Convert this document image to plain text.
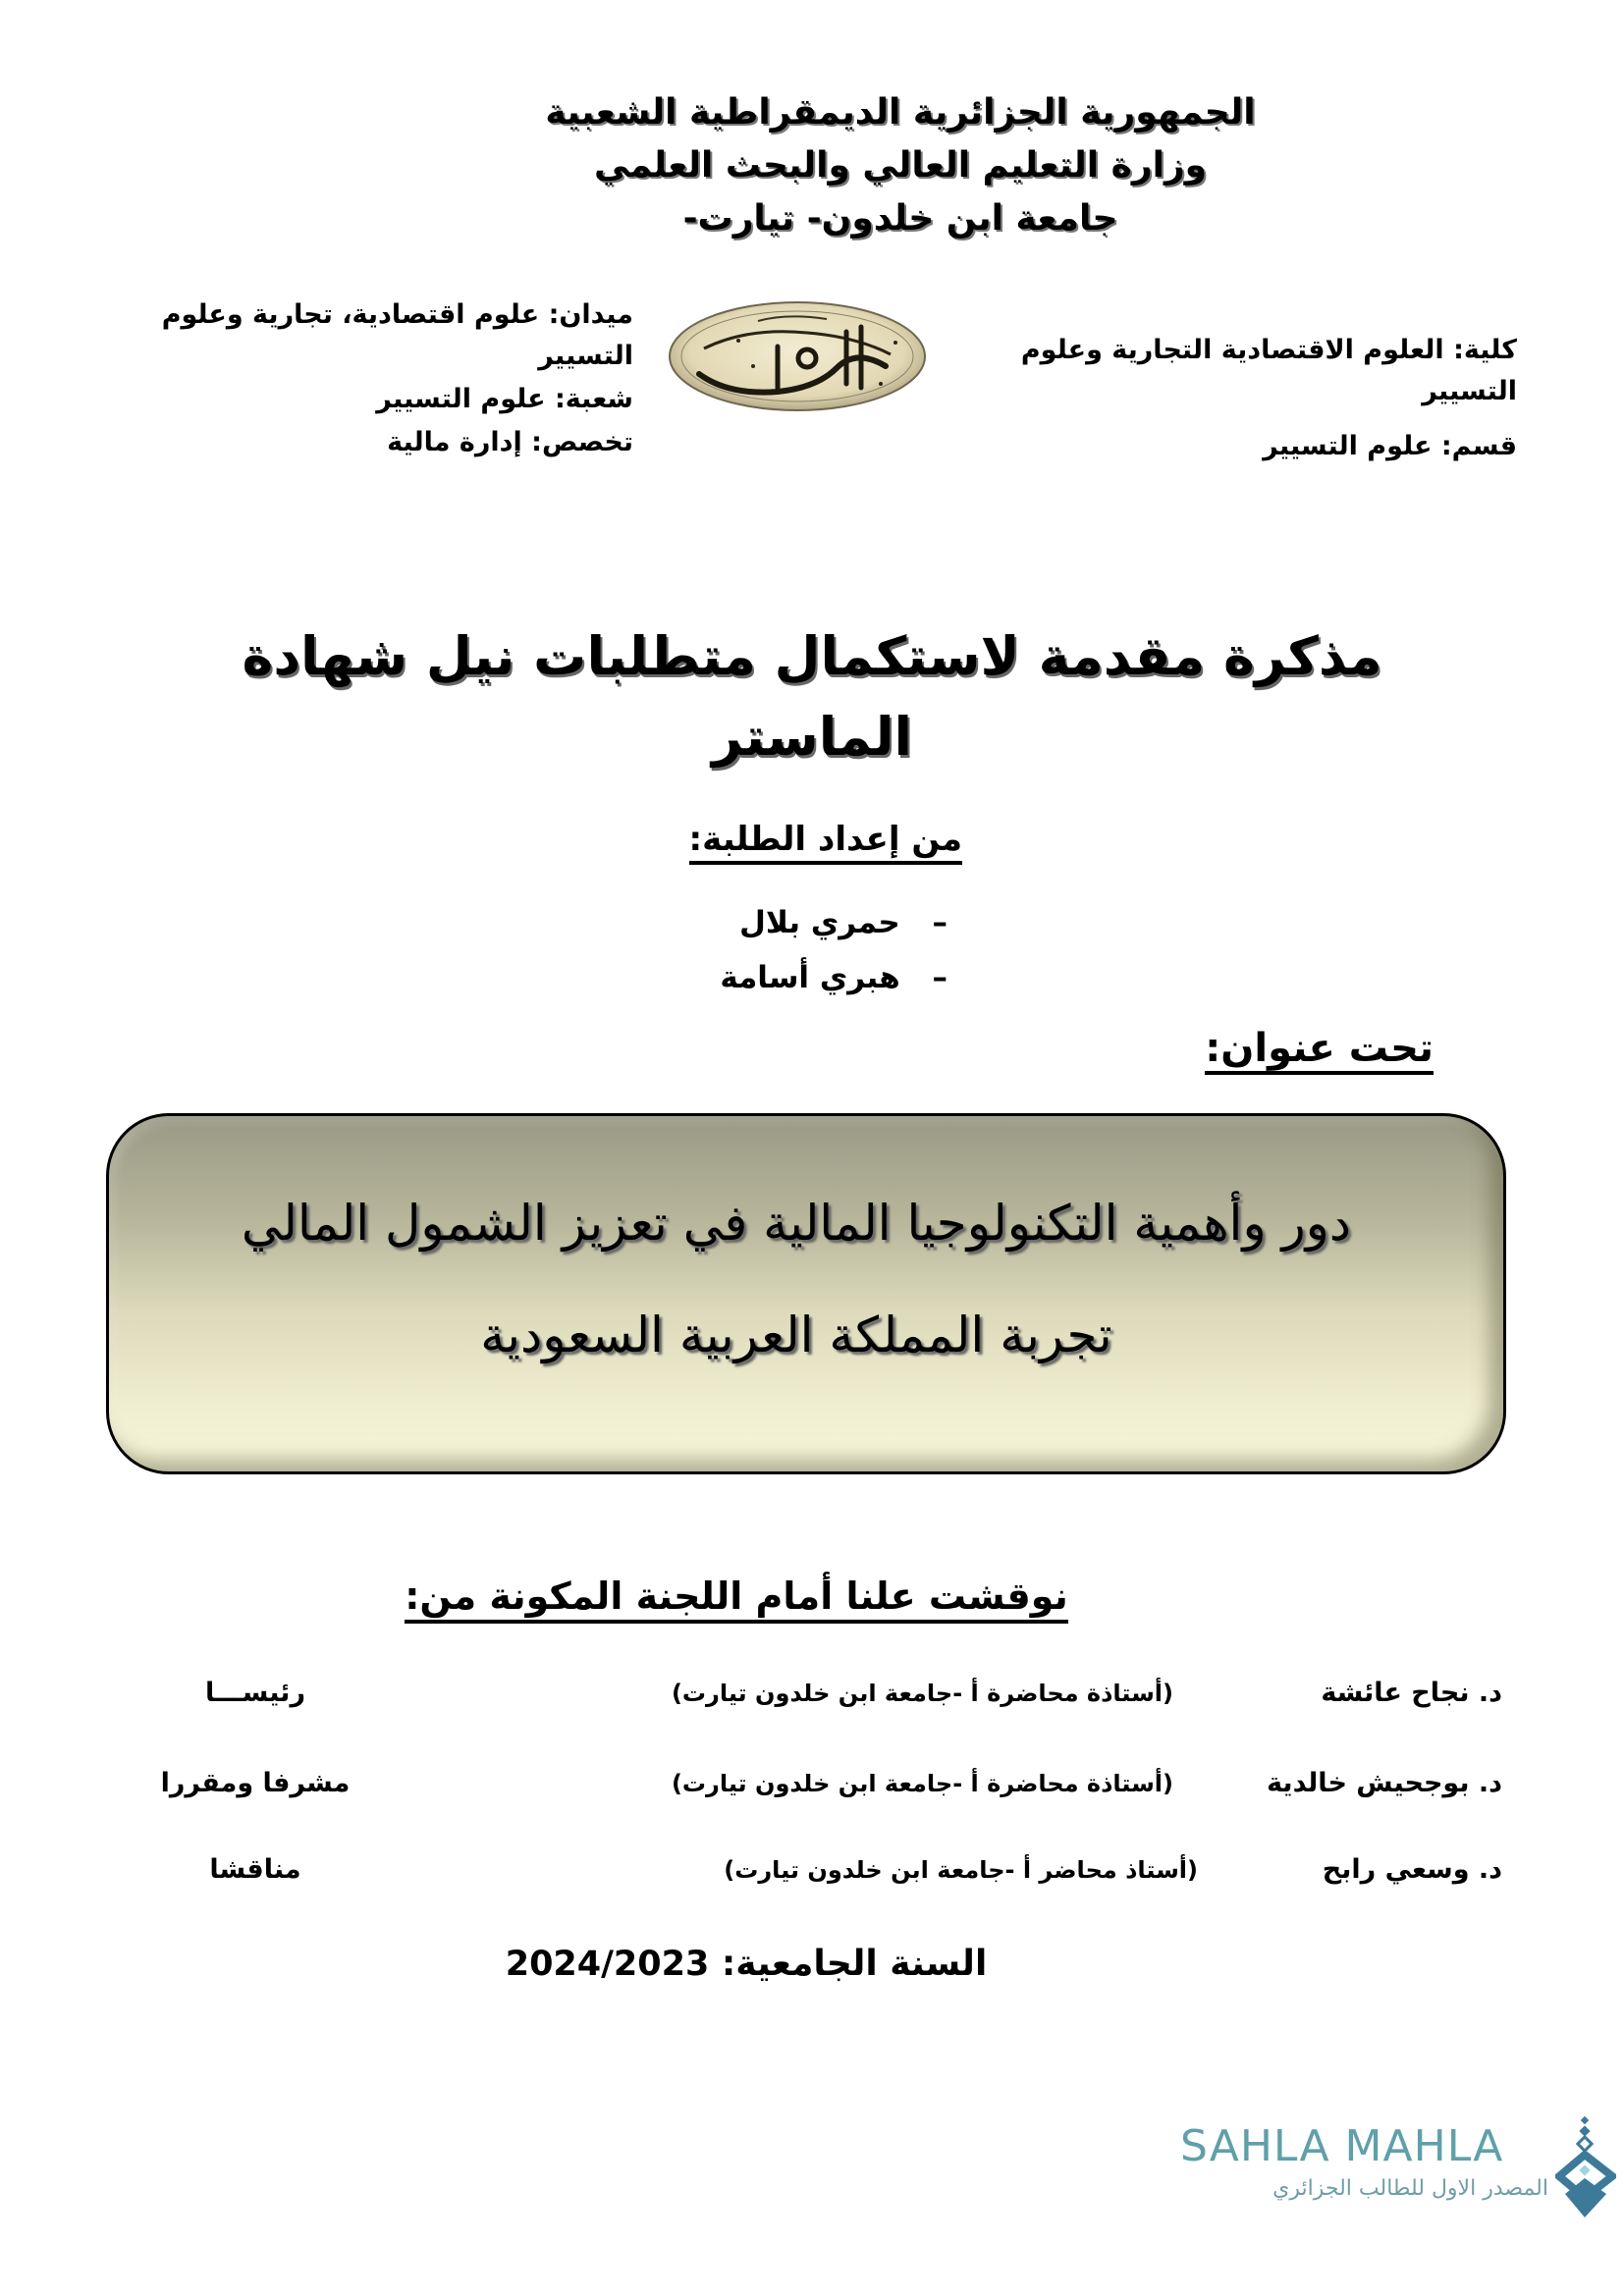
الجمهورية الجزائرية الديمقراطية الشعبية
وزارة التعليم العالي والبحث العلمي
جامعة ابن خلدون- تيارت-
كلية: العلوم الاقتصادية التجارية وعلوم التسيير
قسم: علوم التسيير
ميدان: علوم اقتصادية، تجارية وعلوم التسيير
شعبة: علوم التسيير
تخصص: إدارة مالية
مذكرة مقدمة لاستكمال متطلبات نيل شهادة
الماستر
من إعداد الطلبة:
– حمري بلال
– هبري أسامة
تحت عنوان:
دور وأهمية التكنولوجيا المالية في تعزيز الشمول المالي
تجربة المملكة العربية السعودية
نوقشت علنا أمام اللجنة المكونة من:
د. نجاح عائشة
(أستاذة محاضرة أ -جامعة ابن خلدون تيارت)
رئيســـا
د. بوجحيش خالدية
(أستاذة محاضرة أ -جامعة ابن خلدون تيارت)
مشرفا ومقررا
د. وسعي رابح
(أستاذ محاضر أ -جامعة ابن خلدون تيارت)
مناقشا
السنة الجامعية: 2024/2023
SAHLA MAHLA
المصدر الاول للطالب الجزائري
